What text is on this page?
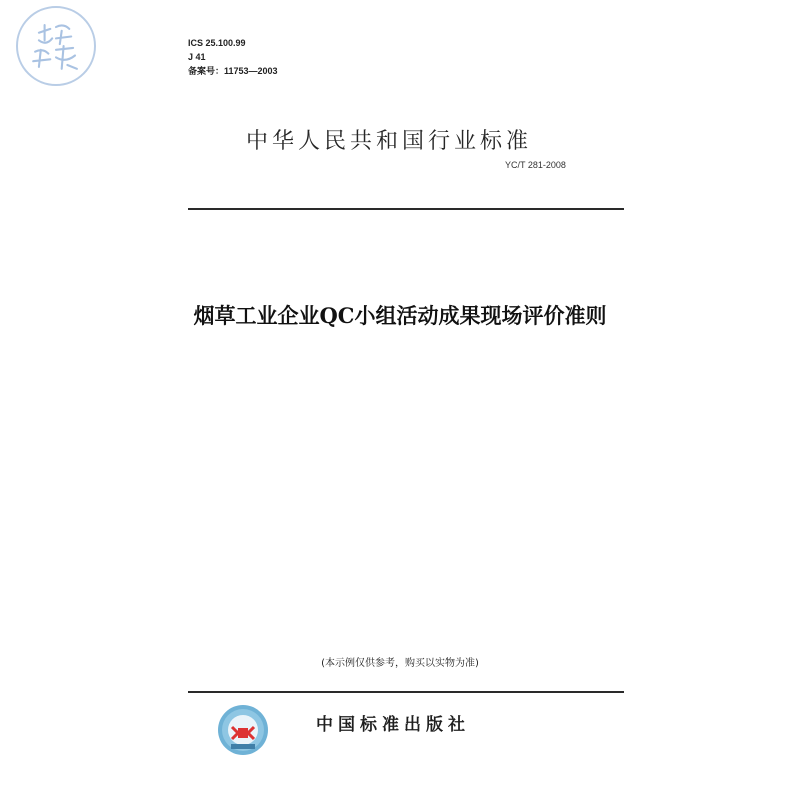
ICS 25.100.99
J 41
备案号：11753—2003
中华人民共和国行业标准
YC/T 281-2008
烟草工业企业QC小组活动成果现场评价准则
(本示例仅供参考，购买以实物为准)
中国标准出版社
